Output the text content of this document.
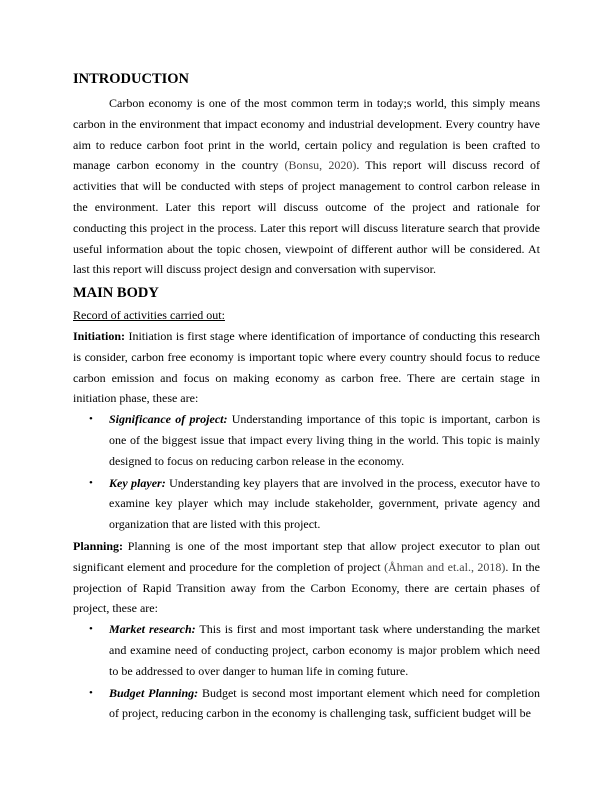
INTRODUCTION

Carbon economy is one of the most common term in today;s world, this simply means carbon in the environment that impact economy and industrial development. Every country have aim to reduce carbon foot print in the world, certain policy and regulation is been crafted to manage carbon economy in the country (Bonsu, 2020). This report will discuss record of activities that will be conducted with steps of project management to control carbon release in the environment. Later this report will discuss outcome of the project and rationale for conducting this project in the process. Later this report will discuss literature search that provide useful information about the topic chosen, viewpoint of different author will be considered. At last this report will discuss project design and conversation with supervisor.

MAIN BODY

Record of activities carried out:

Initiation: Initiation is first stage where identification of importance of conducting this research is consider, carbon free economy is important topic where every country should focus to reduce carbon emission and focus on making economy as carbon free. There are certain stage in initiation phase, these are:

• Significance of project: Understanding importance of this topic is important, carbon is one of the biggest issue that impact every living thing in the world. This topic is mainly designed to focus on reducing carbon release in the economy.
• Key player: Understanding key players that are involved in the process, executor have to examine key player which may include stakeholder, government, private agency and organization that are listed with this project.

Planning: Planning is one of the most important step that allow project executor to plan out significant element and procedure for the completion of project (Åhman and et.al., 2018). In the projection of Rapid Transition away from the Carbon Economy, there are certain phases of project, these are:

• Market research: This is first and most important task where understanding the market and examine need of conducting project, carbon economy is major problem which need to be addressed to over danger to human life in coming future.
• Budget Planning: Budget is second most important element which need for completion of project, reducing carbon in the economy is challenging task, sufficient budget will be
